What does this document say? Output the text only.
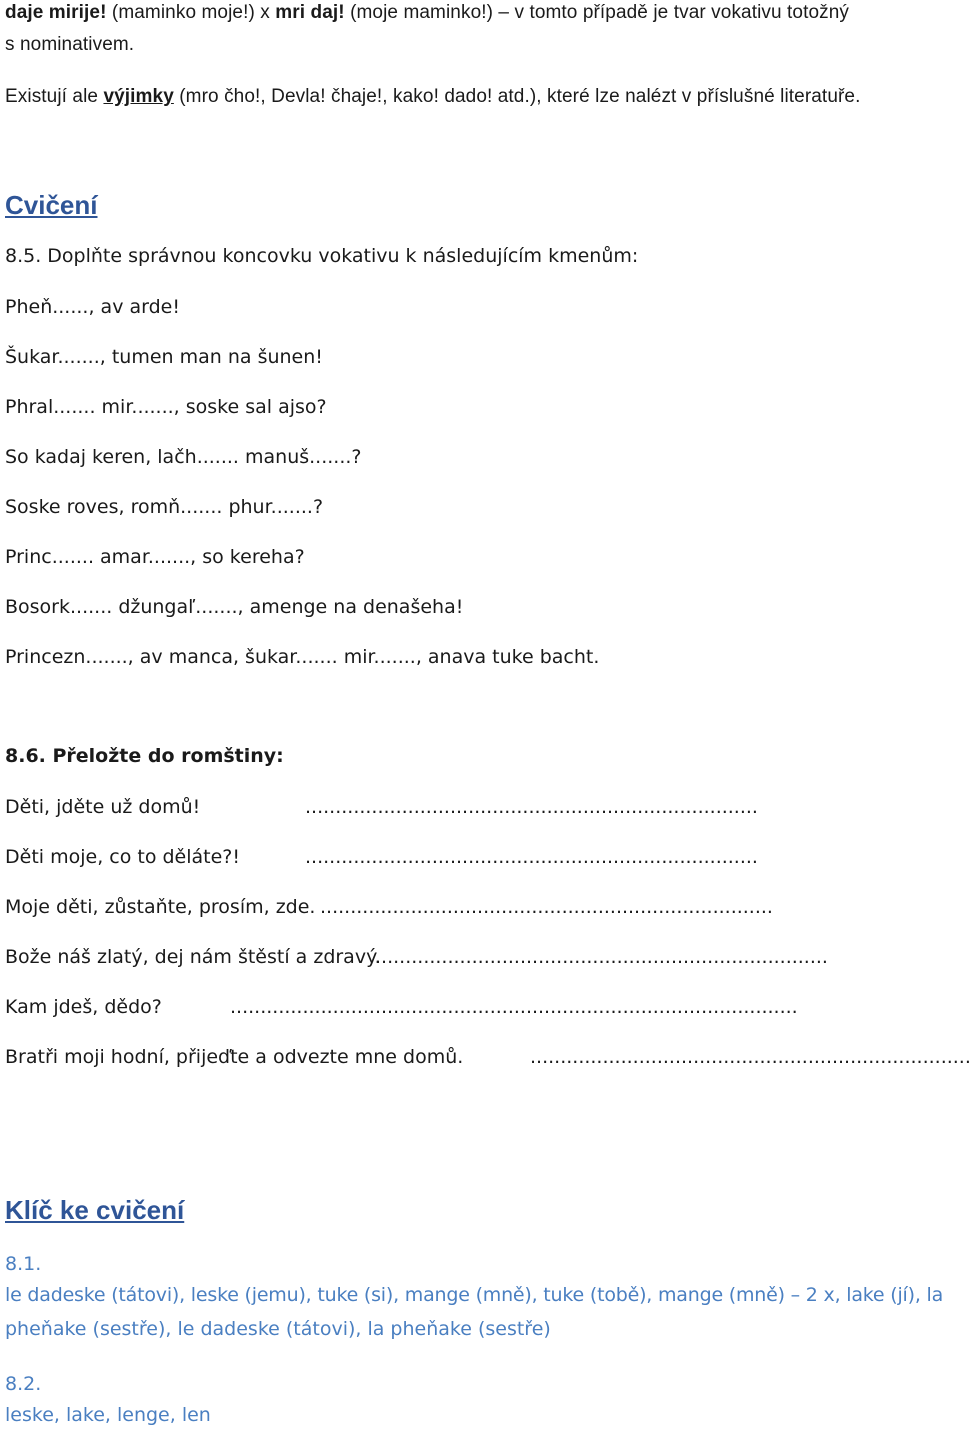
daje mirije! (maminko moje!) x mri daj! (moje maminko!) – v tomto případě je tvar vokativu totožný
s nominativem.
Existují ale výjimky (mro čho!, Devla! čhaje!, kako! dado! atd.), které lze nalézt v příslušné literatuře.
Cvičení
8.5. Doplňte správnou koncovku vokativu k následujícím kmenům:
Pheň......, av arde!
Šukar......., tumen man na šunen!
Phral....... mir......., soske sal ajso?
So kadaj keren, lačh....... manuš.......?
Soske roves, romň....... phur.......?
Princ....... amar......., so kereha?
Bosork....... džungaľ......., amenge na denašeha!
Princezn......., av manca, šukar....... mir......., anava tuke bacht.
8.6. Přeložte do romštiny:
Děti, jděte už domů!	...........................................................................
Děti moje, co to děláte?!	...........................................................................
Moje děti, zůstaňte, prosím, zde. ...........................................................................
Bože náš zlatý, dej nám štěstí a zdravý.
...........................................................................
Kam jdeš, dědo?	..............................................................................................
Bratři moji hodní, přijeďte a odvezte mne domů.	.........................................................................
Klíč ke cvičení
8.1.
le dadeske (tátovi), leske (jemu), tuke (si), mange (mně), tuke (tobě), mange (mně) – 2 x, lake (jí), la
pheňake (sestře), le dadeske (tátovi), la pheňake (sestře)
8.2.
leske, lake, lenge, len
